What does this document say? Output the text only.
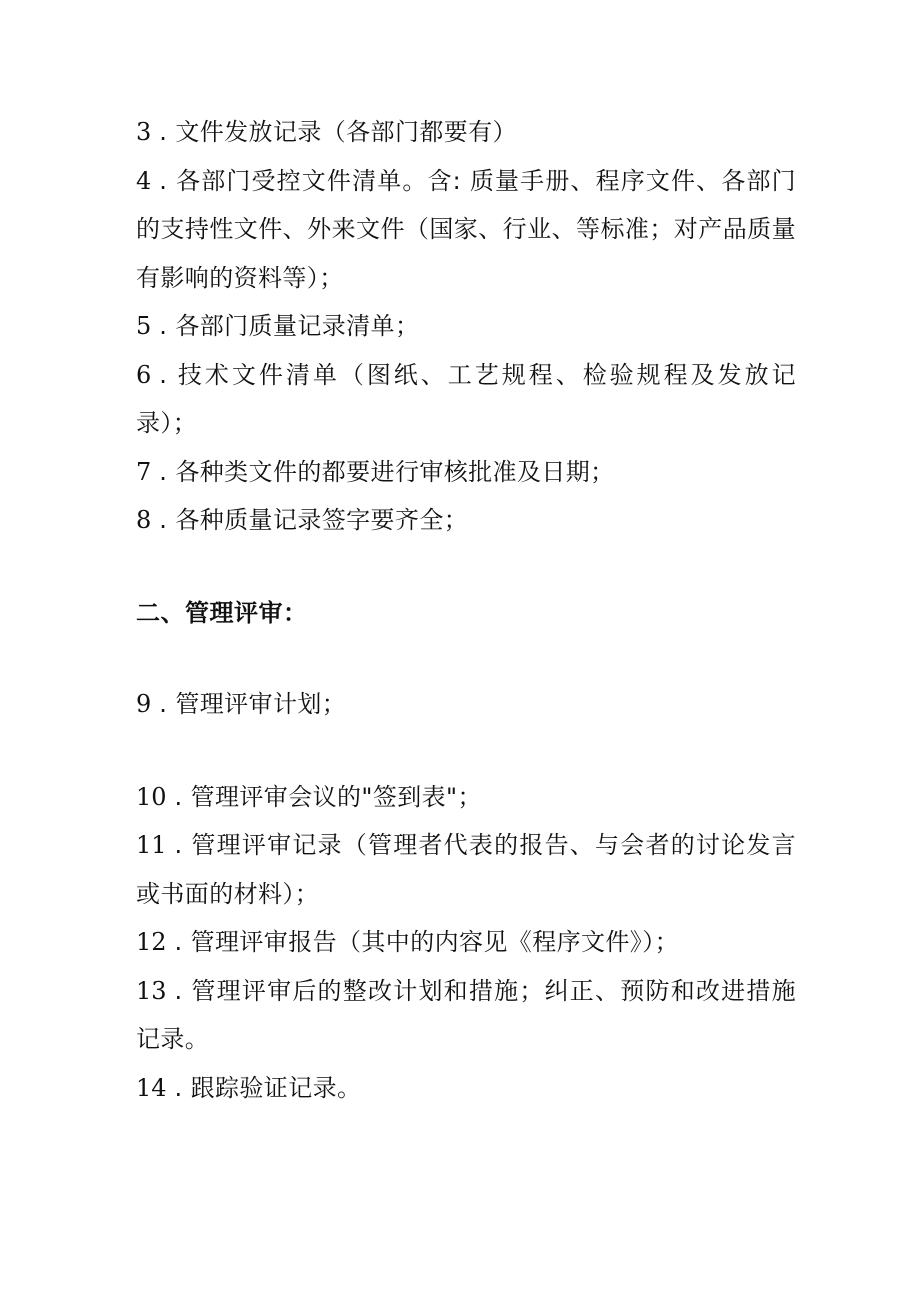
3 . 文件发放记录（各部门都要有）

4 . 各部门受控文件清单。含: 质量手册、程序文件、各部门的支持性文件、外来文件（国家、行业、等标准；对产品质量有影响的资料等）；

5 . 各部门质量记录清单；

6 . 技术文件清单（图纸、工艺规程、检验规程及发放记录）；

7 . 各种类文件的都要进行审核批准及日期；

8 . 各种质量记录签字要齐全；

二、管理评审：

9 . 管理评审计划；

10 . 管理评审会议的"签到表"；

11 . 管理评审记录（管理者代表的报告、与会者的讨论发言或书面的材料）；

12 . 管理评审报告（其中的内容见《程序文件》）；

13 . 管理评审后的整改计划和措施；纠正、预防和改进措施记录。

14 . 跟踪验证记录。
